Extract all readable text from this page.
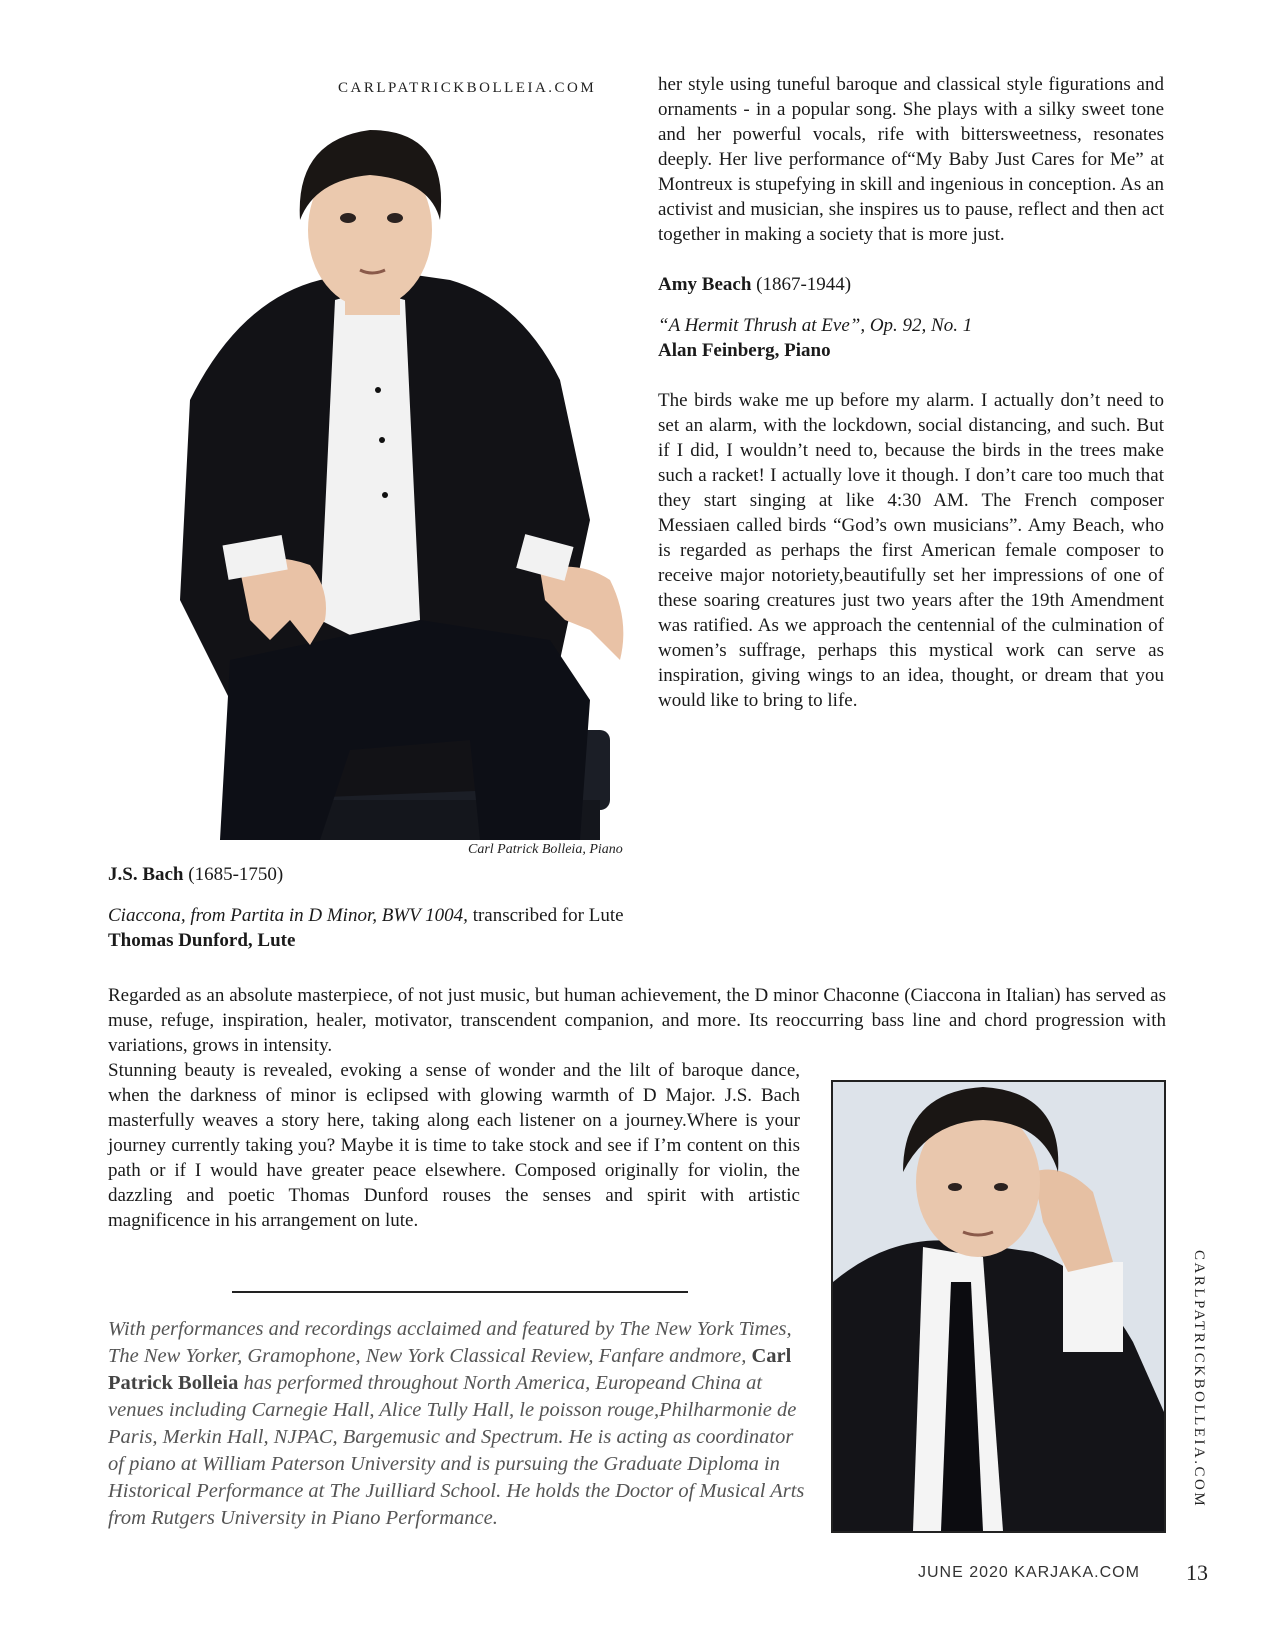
CARLPATRICKBOLLEIA.COM
Carl Patrick Bolleia, Piano

her style using tuneful baroque and classical style figurations and ornaments - in a popular song. She plays with a silky sweet tone and her powerful vocals, rife with bittersweetness, resonates deeply. Her live performance of“My Baby Just Cares for Me” at Montreux is stupefying in skill and ingenious in conception. As an activist and musician, she inspires us to pause, reflect and then act together in making a society that is more just.

Amy Beach (1867-1944)

“A Hermit Thrush at Eve”, Op. 92, No. 1

Alan Feinberg, Piano

The birds wake me up before my alarm. I actually don’t need to set an alarm, with the lockdown, social distancing, and such. But if I did, I wouldn’t need to, because the birds in the trees make such a racket! I actually love it though. I don’t care too much that they start singing at like 4:30 AM. The French composer Messiaen called birds “God’s own musicians”. Amy Beach, who is regarded as perhaps the first American female composer to receive major notoriety,beautifully set her impressions of one of these soaring creatures just two years after the 19th Amendment was ratified. As we approach the centennial of the culmination of women’s suffrage, perhaps this mystical work can serve as inspiration, giving wings to an idea, thought, or dream that you would like to bring to life.

J.S. Bach (1685-1750)

Ciaccona, from Partita in D Minor, BWV 1004, transcribed for Lute

Thomas Dunford, Lute

Regarded as an absolute masterpiece, of not just music, but human achievement, the D minor Chaconne (Ciaccona in Italian) has served as muse, refuge, inspiration, healer, motivator, transcendent companion, and more. Its reoccurring bass line and chord progression with variations, grows in intensity.

Stunning beauty is revealed, evoking a sense of wonder and the lilt of baroque dance, when the darkness of minor is eclipsed with glowing warmth of D Major. J.S. Bach masterfully weaves a story here, taking along each listener on a journey.Where is your journey currently taking you? Maybe it is time to take stock and see if I’m content on this path or if I would have greater peace elsewhere. Composed originally for violin, the dazzling and poetic Thomas Dunford rouses the senses and spirit with artistic magnificence in his arrangement on lute.

With performances and recordings acclaimed and featured by The New York Times, The New Yorker, Gramophone, New York Classical Review, Fanfare andmore, Carl Patrick Bolleia has performed throughout North America, Europeand China at venues including Carnegie Hall, Alice Tully Hall, le poisson rouge,Philharmonie de Paris, Merkin Hall, NJPAC, Bargemusic and Spectrum. He is acting as coordinator of piano at William Paterson University and is pursuing the Graduate Diploma in Historical Performance at The Juilliard School. He holds the Doctor of Musical Arts from Rutgers University in Piano Performance.

CARLPATRICKBOLLEIA.COM
JUNE 2020 KARJAKA.COM 13
